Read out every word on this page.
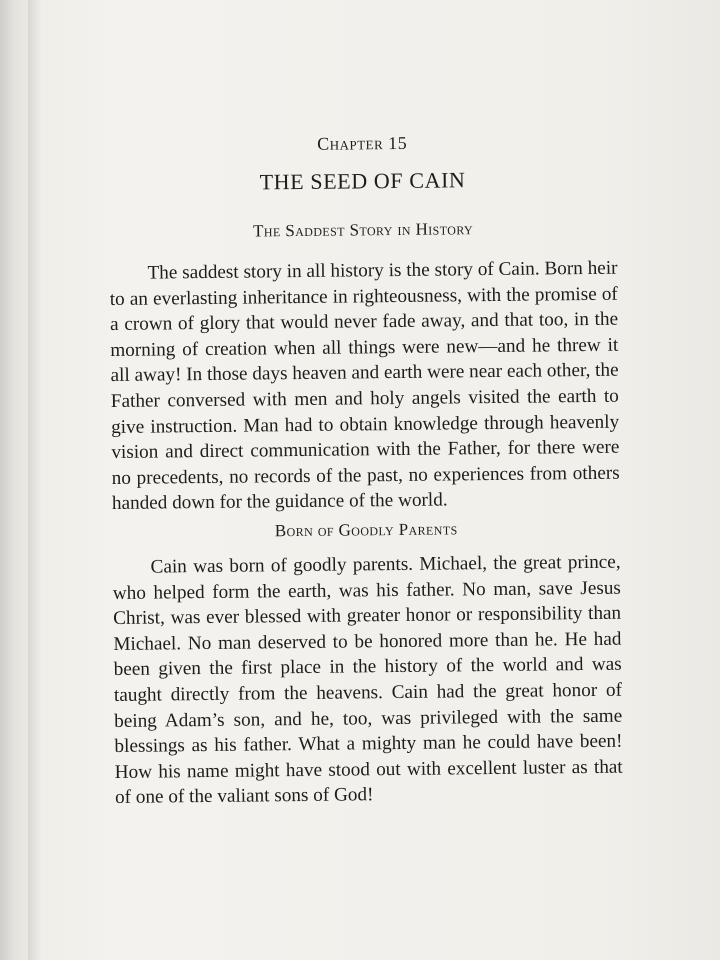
Chapter 15
THE SEED OF CAIN
The Saddest Story in History

The saddest story in all history is the story of Cain. Born heir to an everlasting inheritance in righteousness, with the promise of a crown of glory that would never fade away, and that too, in the morning of creation when all things were new—and he threw it all away! In those days heaven and earth were near each other, the Father conversed with men and holy angels visited the earth to give instruction. Man had to obtain knowledge through heavenly vision and direct communication with the Father, for there were no precedents, no records of the past, no experiences from others handed down for the guidance of the world.

Born of Goodly Parents

Cain was born of goodly parents. Michael, the great prince, who helped form the earth, was his father. No man, save Jesus Christ, was ever blessed with greater honor or responsibility than Michael. No man deserved to be honored more than he. He had been given the first place in the history of the world and was taught directly from the heavens. Cain had the great honor of being Adam’s son, and he, too, was privileged with the same blessings as his father. What a mighty man he could have been! How his name might have stood out with excellent luster as that of one of the valiant sons of God!
